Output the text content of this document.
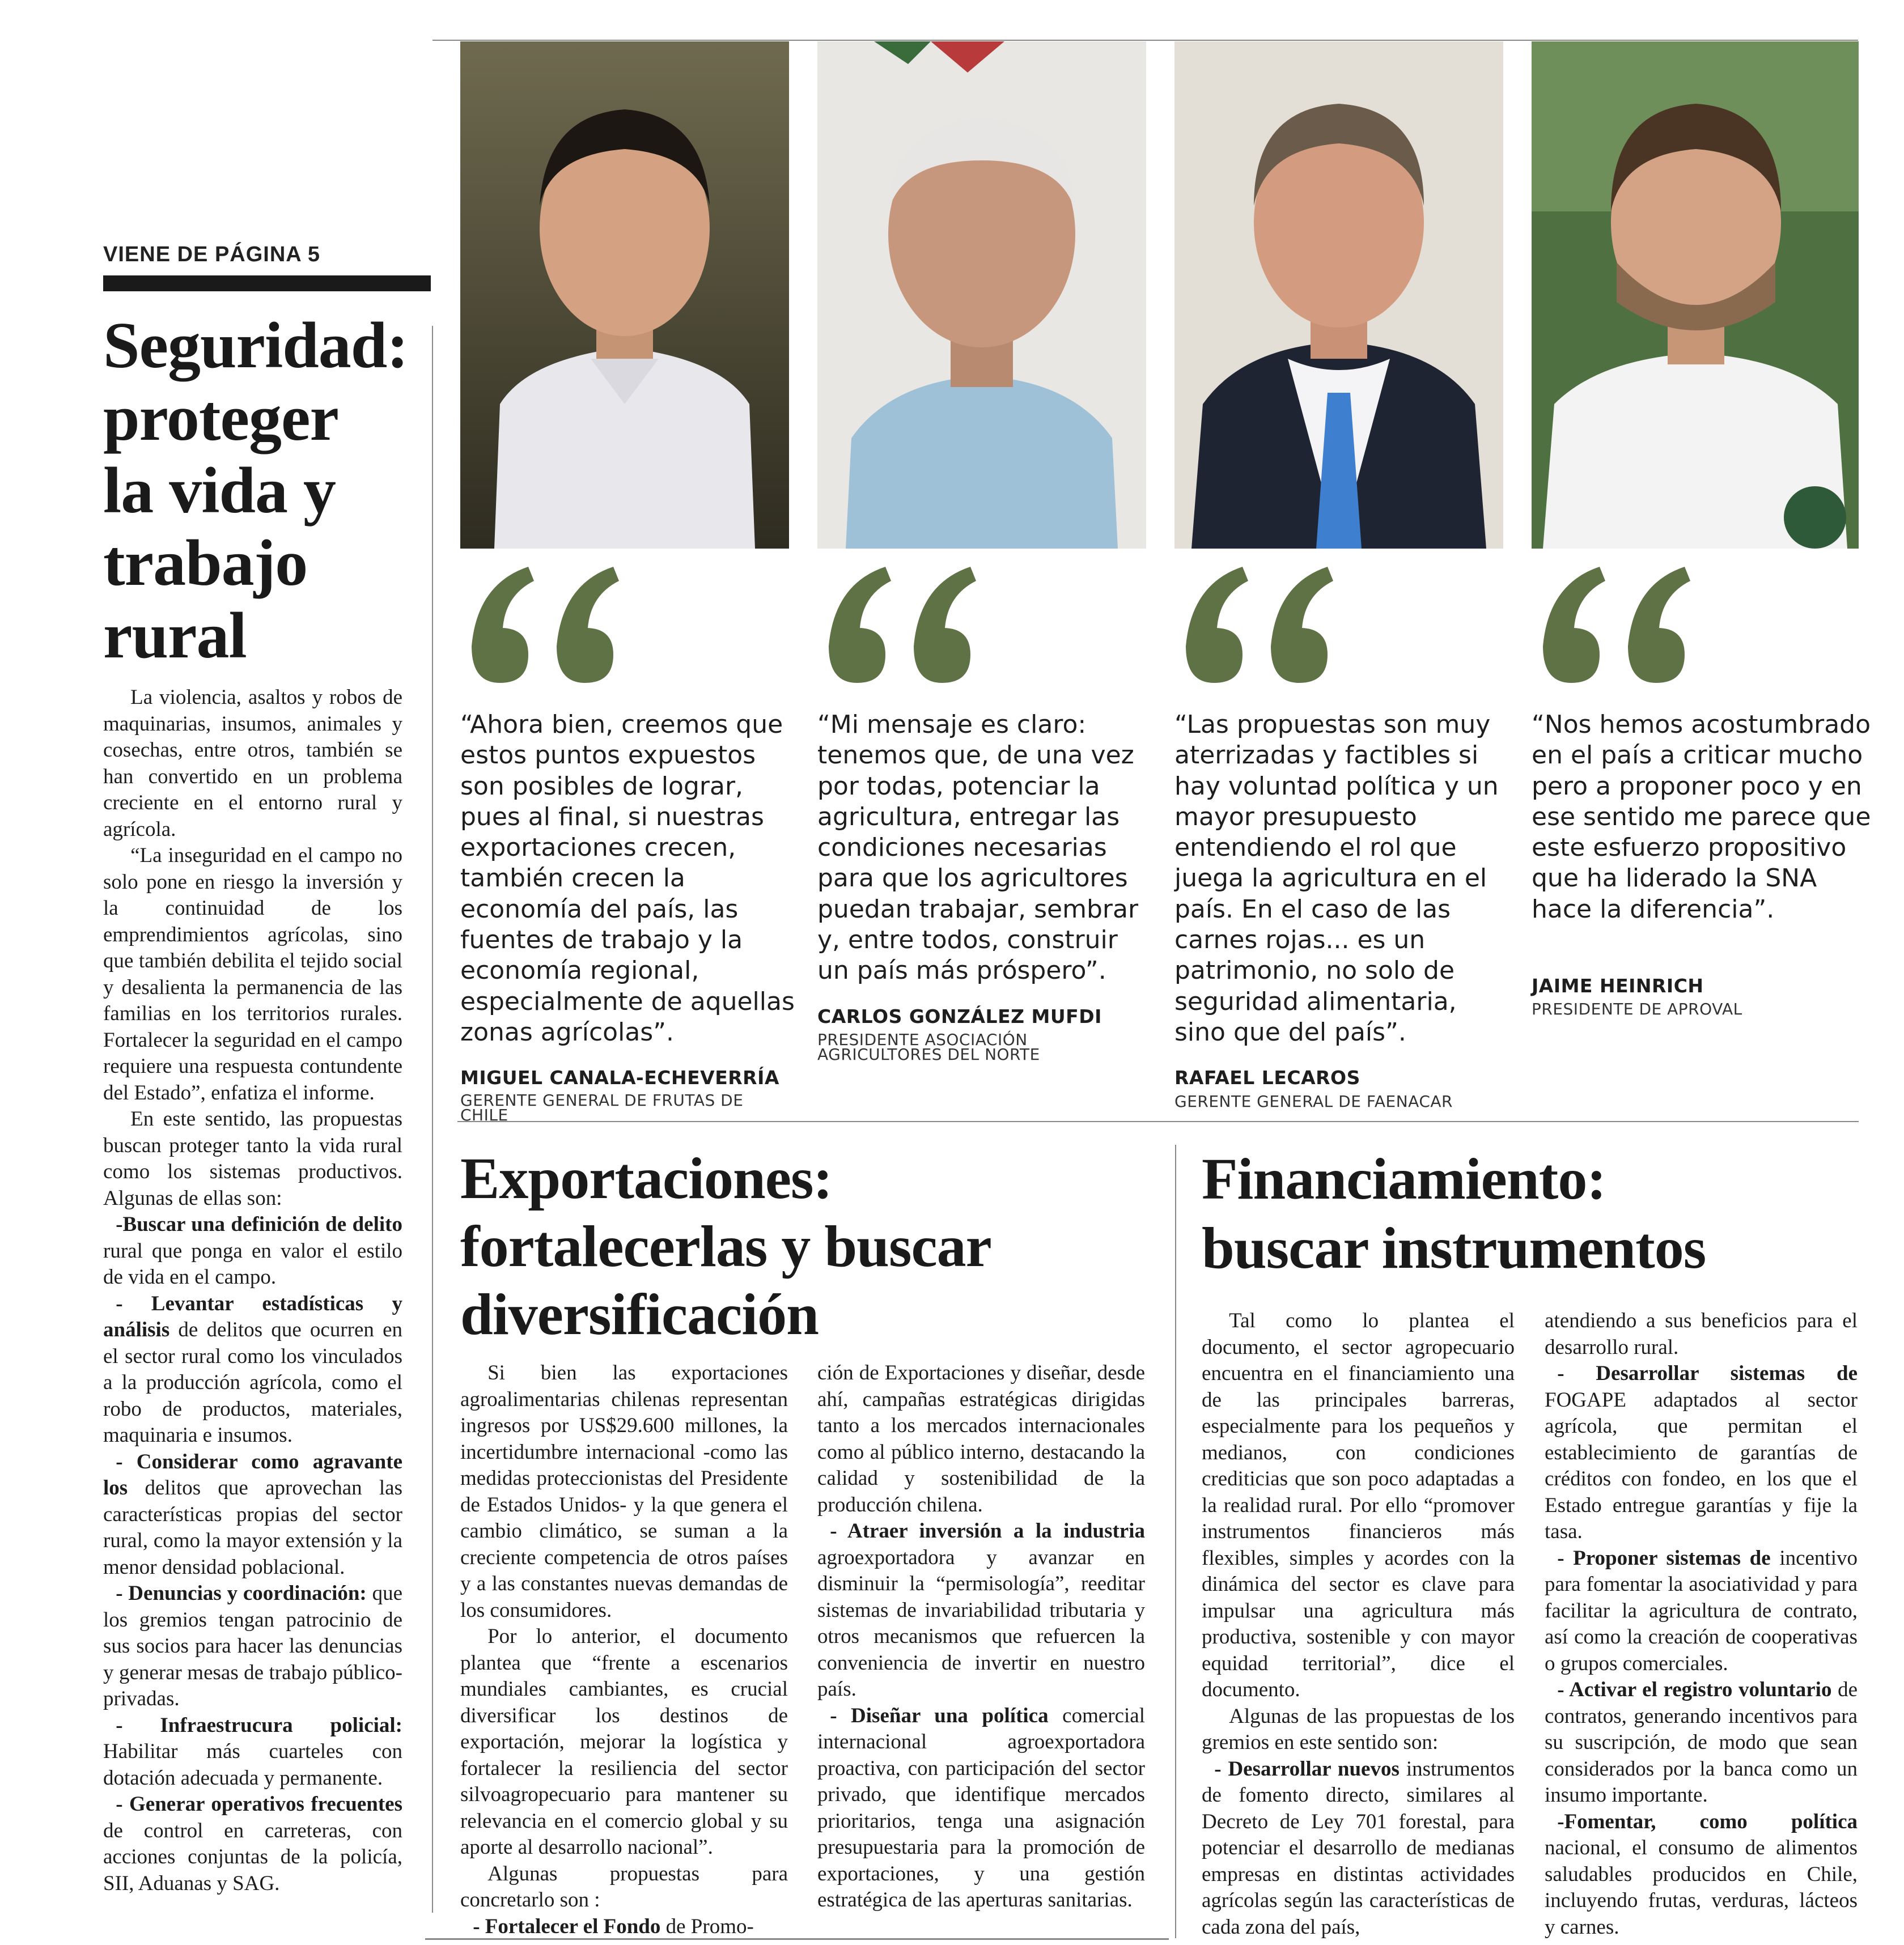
VIENE DE PÁGINA 5
Seguridad:
proteger
la vida y
trabajo
rural

La violencia, asaltos y robos de maquinarias, insumos, animales y cosechas, entre otros, también se han convertido en un problema creciente en el entorno rural y agrícola.

“La inseguridad en el campo no solo pone en riesgo la inversión y la continuidad de los emprendimientos agrícolas, sino que también debilita el tejido social y desalienta la permanencia de las familias en los territorios rurales. Fortalecer la seguridad en el campo requiere una respuesta contundente del Estado”, enfatiza el informe.

En este sentido, las propuestas buscan proteger tanto la vida rural como los sistemas productivos. Algunas de ellas son:

-Buscar una definición de delito rural que ponga en valor el estilo de vida en el campo.

- Levantar estadísticas y análisis de delitos que ocurren en el sector rural como los vinculados a la producción agrícola, como el robo de productos, materiales, maquinaria e insumos.

- Considerar como agravante los delitos que aprovechan las características propias del sector rural, como la mayor extensión y la menor densidad poblacional.

- Denuncias y coordinación: que los gremios tengan patrocinio de sus socios para hacer las denuncias y generar mesas de trabajo público-privadas.

- Infraestrucura policial: Habilitar más cuarteles con dotación adecuada y permanente.

- Generar operativos frecuentes de control en carreteras, con acciones conjuntas de la policía, SII, Aduanas y SAG.

“Ahora bien, creemos que estos puntos expuestos son posibles de lograr, pues al final, si nuestras exportaciones crecen, también crecen la economía del país, las fuentes de trabajo y la economía regional, especialmente de aquellas zonas agrícolas”.
MIGUEL CANALA-ECHEVERRÍA
GERENTE GENERAL DE FRUTAS DE CHILE
“Mi mensaje es claro: tenemos que, de una vez por todas, potenciar la agricultura, entregar las condiciones necesarias para que los agricultores puedan trabajar, sembrar y, entre todos, construir un país más próspero”.
CARLOS GONZÁLEZ MUFDI
PRESIDENTE ASOCIACIÓN AGRICULTORES DEL NORTE
“Las propuestas son muy aterrizadas y factibles si hay voluntad política y un mayor presupuesto entendiendo el rol que juega la agricultura en el país. En el caso de las carnes rojas... es un patrimonio, no solo de seguridad alimentaria, sino que del país”.
RAFAEL LECAROS
GERENTE GENERAL DE FAENACAR
“Nos hemos acostumbrado en el país a criticar mucho pero a proponer poco y en ese sentido me parece que este esfuerzo propositivo que ha liderado la SNA hace la diferencia”.
JAIME HEINRICH
PRESIDENTE DE APROVAL
Exportaciones:
fortalecerlas y buscar
diversificación

Si bien las exportaciones agroalimentarias chilenas representan ingresos por US$29.600 millones, la incertidumbre internacional -como las medidas proteccionistas del Presidente de Estados Unidos- y la que genera el cambio climático, se suman a la creciente competencia de otros países y a las constantes nuevas demandas de los consumidores.

Por lo anterior, el documento plantea que “frente a escenarios mundiales cambiantes, es crucial diversificar los destinos de exportación, mejorar la logística y fortalecer la resiliencia del sector silvoagropecuario para mantener su relevancia en el comercio global y su aporte al desarrollo nacional”.

Algunas propuestas para concretarlo son :

- Fortalecer el Fondo de Promo-

ción de Exportaciones y diseñar, desde ahí, campañas estratégicas dirigidas tanto a los mercados internacionales como al público interno, destacando la calidad y sostenibilidad de la producción chilena.

- Atraer inversión a la industria agroexportadora y avanzar en disminuir la “permisología”, reeditar sistemas de invariabilidad tributaria y otros mecanismos que refuercen la conveniencia de invertir en nuestro país.

- Diseñar una política comercial internacional agroexportadora proactiva, con participación del sector privado, que identifique mercados prioritarios, tenga una asignación presupuestaria para la promoción de exportaciones, y una gestión estratégica de las aperturas sanitarias.

Financiamiento:
buscar instrumentos

Tal como lo plantea el documento, el sector agropecuario encuentra en el financiamiento una de las principales barreras, especialmente para los pequeños y medianos, con condiciones crediticias que son poco adaptadas a la realidad rural. Por ello “promover instrumentos financieros más flexibles, simples y acordes con la dinámica del sector es clave para impulsar una agricultura más productiva, sostenible y con mayor equidad territorial”, dice el documento.

Algunas de las propuestas de los gremios en este sentido son:

- Desarrollar nuevos instrumentos de fomento directo, similares al Decreto de Ley 701 forestal, para potenciar el desarrollo de medianas empresas en distintas actividades agrícolas según las características de cada zona del país,

atendiendo a sus beneficios para el desarrollo rural.

- Desarrollar sistemas de FOGAPE adaptados al sector agrícola, que permitan el establecimiento de garantías de créditos con fondeo, en los que el Estado entregue garantías y fije la tasa.

- Proponer sistemas de incentivo para fomentar la asociatividad y para facilitar la agricultura de contrato, así como la creación de cooperativas o grupos comerciales.

- Activar el registro voluntario de contratos, generando incentivos para su suscripción, de modo que sean considerados por la banca como un insumo importante.

-Fomentar, como política nacional, el consumo de alimentos saludables producidos en Chile, incluyendo frutas, verduras, lácteos y carnes.
